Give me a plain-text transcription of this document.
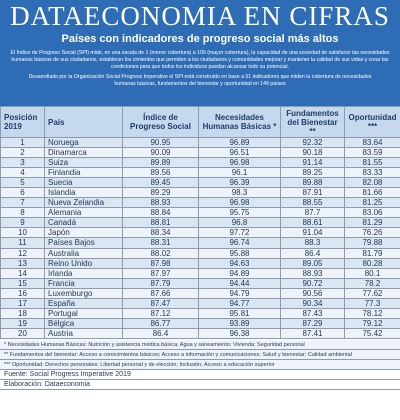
DATAECONOMIA EN CIFRAS
Países con indicadores de progreso social más altos
El Índice de Progreso Social (SPI) mide, en una escala de 1 (menor cobertura) a 100 (mayor cobertura), la capacidad de una sociedad de satisfacer las necesidades humanas básicas de sus ciudadanos, establecer los cimientos que permiten a los ciudadanos y comunidades mejorar y mantener la calidad de sus vidas y crear las condiciones para que todos los individuos puedan alcanzar todo su potencial.
Desarrollado por la Organización Social Progress Imperative el SPI está construido en base a 51 indicadores que miden la cobertura de necesidades humanas básicas, fundamentos del bienestar y oportunidad en 149 países
Posición 2019	País	Índice de Progreso Social	Necesidades Humanas Básicas *	Fundamentos del Bienestar **	Oportunidad ***
1	Noruega	90.95	96.89	92.32	83.64
2	Dinamarca	90.09	96.51	90.18	83.59
3	Suiza	89.89	96.98	91.14	81.55
4	Finlandia	89.56	96.1	89.25	83.33
5	Suecia	89.45	96.39	89.88	82.08
6	Islandia	89.29	98.3	87.91	81.66
7	Nueva Zelandia	88.93	96.98	88.55	81.25
8	Alemania	88.84	95.75	87.7	83.06
9	Canadá	88.81	96.8	88.61	81.29
10	Japón	88.34	97.72	91.04	76.26
11	Países Bajos	88.31	96.74	88.3	79.88
12	Australia	88.02	95.88	86.4	81.79
13	Reino Unido	87.98	94.63	89.05	80.28
14	Irlanda	87.97	94.89	88.93	80.1
15	Francia	87.79	94.44	90.72	78.2
16	Luxemburgo	87.66	94.79	90.56	77.62
17	España	87.47	94.77	90.34	77.3
18	Portugal	87.12	95.81	87.43	78.12
19	Bélgica	86.77	93.89	87.29	79.12
20	Austria	86.4	96.38	87.41	75.42
* Necesidades Humanas Básicas: Nutrición y asistencia médica básica; Agua y saneamiento; Vivienda; Seguridad personal
** Fundamentos del bienestar: Acceso a conocimientos básicos; Acceso a información y comunicaciones; Salud y bienestar; Calidad ambiental
*** Oportunidad: Derechos personales; Libertad personal y de elección; Inclusión; Acceso a educación superior
Fuente: Social Progress Imperative 2019
Elaboración: Dataeconomia
